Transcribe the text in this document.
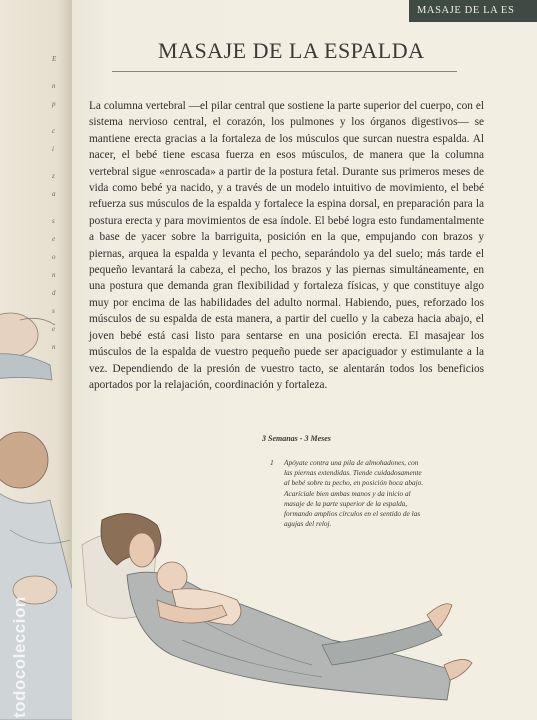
E

n

p

c

i

z

a

s

e

o

n

d

s

e

n
MASAJE DE LA ES
MASAJE DE LA ESPALDA
La columna vertebral —el pilar central que sostiene la parte superior del cuerpo, con el sistema nervioso central, el corazón, los pulmones y los órganos digestivos— se mantiene erecta gracias a la fortaleza de los músculos que surcan nuestra espalda. Al nacer, el bebé tiene escasa fuerza en esos músculos, de manera que la columna vertebral sigue «enroscada» a partir de la postura fetal. Durante sus primeros meses de vida como bebé ya nacido, y a través de un modelo intuitivo de movimiento, el bebé refuerza sus músculos de la espalda y fortalece la espina dorsal, en preparación para la postura erecta y para movimientos de esa índole. El bebé logra esto fundamentalmente a base de yacer sobre la barriguita, posición en la que, empujando con brazos y piernas, arquea la espalda y levanta el pecho, separándolo ya del suelo; más tarde el pequeño levantará la cabeza, el pecho, los brazos y las piernas simultáneamente, en una postura que demanda gran flexibilidad y fortaleza físicas, y que constituye algo muy por encima de las habilidades del adulto normal. Habiendo, pues, reforzado los músculos de su espalda de esta manera, a partir del cuello y la cabeza hacia abajo, el joven bebé está casi listo para sentarse en una posición erecta. El masajear los músculos de la espalda de vuestro pequeño puede ser apaciguador y estimulante a la vez. Dependiendo de la presión de vuestro tacto, se alentarán todos los beneficios aportados por la relajación, coordinación y fortaleza.
3 Semanas - 3 Meses
1 Apóyate contra una pila de almohadones, con las piernas extendidas. Tiende cuidadosamente al bebé sobre tu pecho, en posición boca abajo. Acaríciale bien ambas manos y da inicio al masaje de la parte superior de la espalda, formando amplios círculos en el sentido de las agujas del reloj.
todocoleccion
